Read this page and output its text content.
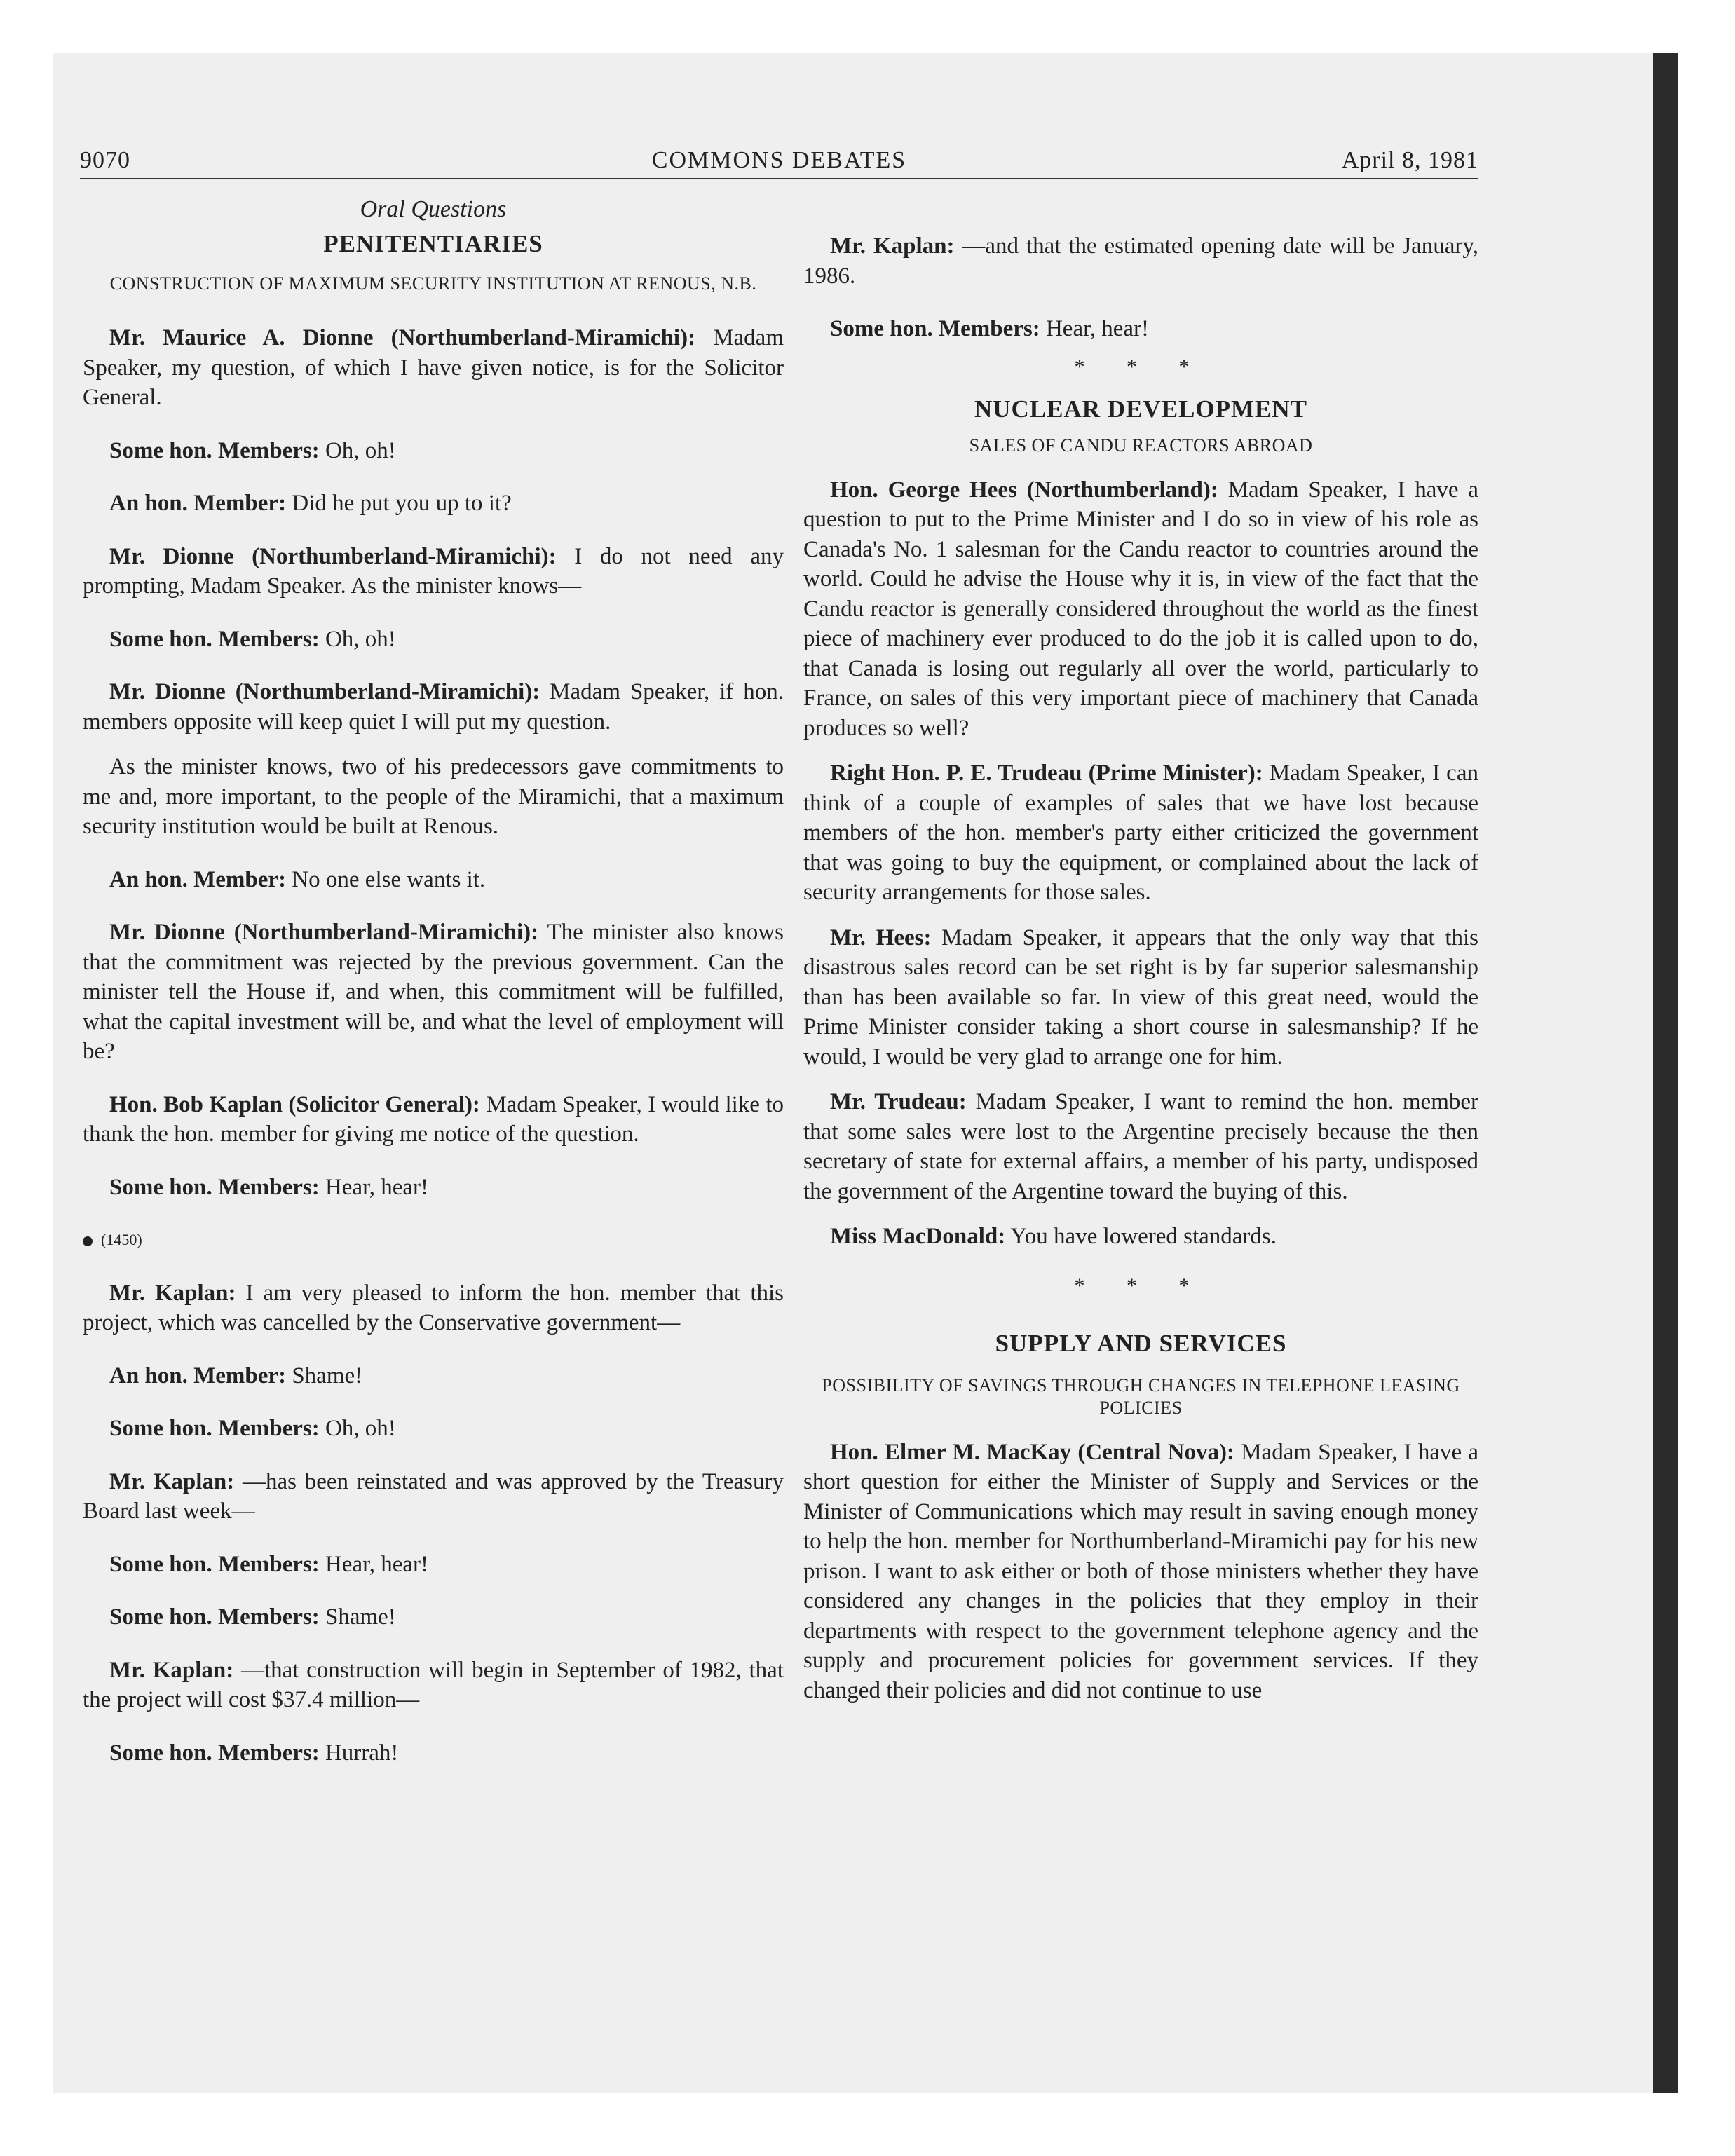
9070	COMMONS DEBATES	April 8, 1981
Oral Questions
PENITENTIARIES
CONSTRUCTION OF MAXIMUM SECURITY INSTITUTION AT RENOUS, N.B.

Mr. Maurice A. Dionne (Northumberland-Miramichi): Madam Speaker, my question, of which I have given notice, is for the Solicitor General.

Some hon. Members: Oh, oh!

An hon. Member: Did he put you up to it?

Mr. Dionne (Northumberland-Miramichi): I do not need any prompting, Madam Speaker. As the minister knows—

Some hon. Members: Oh, oh!

Mr. Dionne (Northumberland-Miramichi): Madam Speaker, if hon. members opposite will keep quiet I will put my question.

As the minister knows, two of his predecessors gave commitments to me and, more important, to the people of the Miramichi, that a maximum security institution would be built at Renous.

An hon. Member: No one else wants it.

Mr. Dionne (Northumberland-Miramichi): The minister also knows that the commitment was rejected by the previous government. Can the minister tell the House if, and when, this commitment will be fulfilled, what the capital investment will be, and what the level of employment will be?

Hon. Bob Kaplan (Solicitor General): Madam Speaker, I would like to thank the hon. member for giving me notice of the question.

Some hon. Members: Hear, hear!

(1450)

Mr. Kaplan: I am very pleased to inform the hon. member that this project, which was cancelled by the Conservative government—

An hon. Member: Shame!

Some hon. Members: Oh, oh!

Mr. Kaplan: —has been reinstated and was approved by the Treasury Board last week—

Some hon. Members: Hear, hear!

Some hon. Members: Shame!

Mr. Kaplan: —that construction will begin in September of 1982, that the project will cost $37.4 million—

Some hon. Members: Hurrah!

Mr. Kaplan: —and that the estimated opening date will be January, 1986.

Some hon. Members: Hear, hear!

* * *
NUCLEAR DEVELOPMENT
SALES OF CANDU REACTORS ABROAD

Hon. George Hees (Northumberland): Madam Speaker, I have a question to put to the Prime Minister and I do so in view of his role as Canada's No. 1 salesman for the Candu reactor to countries around the world. Could he advise the House why it is, in view of the fact that the Candu reactor is generally considered throughout the world as the finest piece of machinery ever produced to do the job it is called upon to do, that Canada is losing out regularly all over the world, particularly to France, on sales of this very important piece of machinery that Canada produces so well?

Right Hon. P. E. Trudeau (Prime Minister): Madam Speaker, I can think of a couple of examples of sales that we have lost because members of the hon. member's party either criticized the government that was going to buy the equipment, or complained about the lack of security arrangements for those sales.

Mr. Hees: Madam Speaker, it appears that the only way that this disastrous sales record can be set right is by far superior salesmanship than has been available so far. In view of this great need, would the Prime Minister consider taking a short course in salesmanship? If he would, I would be very glad to arrange one for him.

Mr. Trudeau: Madam Speaker, I want to remind the hon. member that some sales were lost to the Argentine precisely because the then secretary of state for external affairs, a member of his party, undisposed the government of the Argentine toward the buying of this.

Miss MacDonald: You have lowered standards.

* * *
SUPPLY AND SERVICES
POSSIBILITY OF SAVINGS THROUGH CHANGES IN TELEPHONE LEASING POLICIES

Hon. Elmer M. MacKay (Central Nova): Madam Speaker, I have a short question for either the Minister of Supply and Services or the Minister of Communications which may result in saving enough money to help the hon. member for Northumberland-Miramichi pay for his new prison. I want to ask either or both of those ministers whether they have considered any changes in the policies that they employ in their departments with respect to the government telephone agency and the supply and procurement policies for government services. If they changed their policies and did not continue to use
